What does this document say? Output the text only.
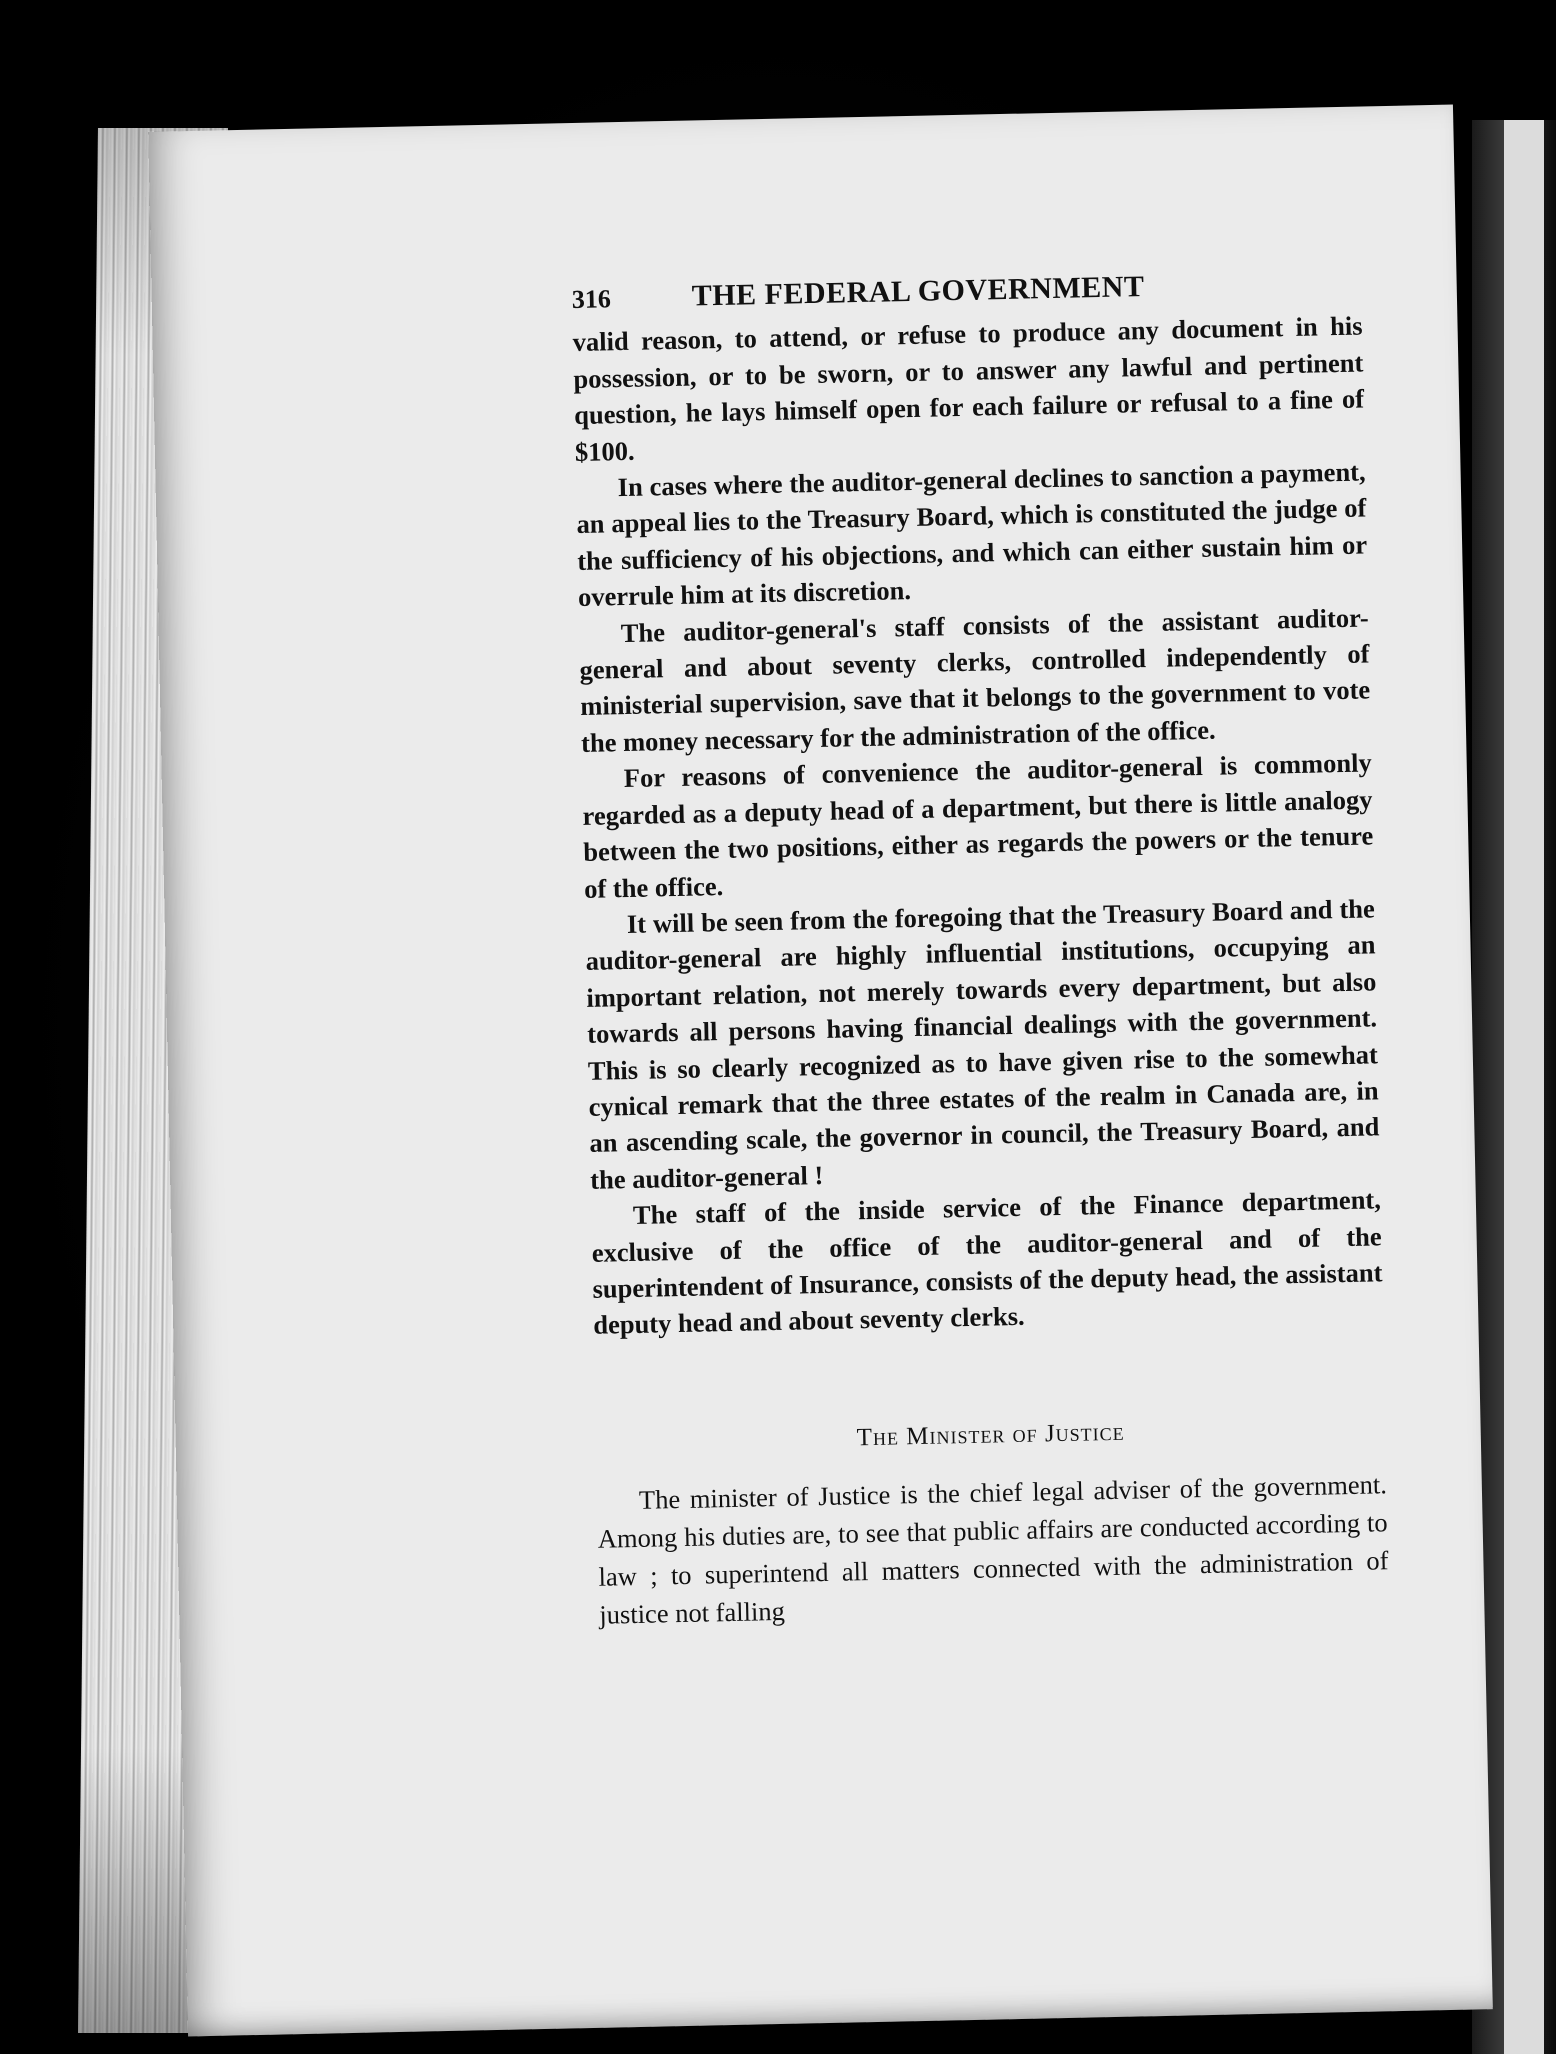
316	THE FEDERAL GOVERNMENT

valid reason, to attend, or refuse to produce any document in his possession, or to be sworn, or to answer any lawful and pertinent question, he lays himself open for each failure or refusal to a fine of $100.

In cases where the auditor-general declines to sanction a payment, an appeal lies to the Treasury Board, which is constituted the judge of the sufficiency of his objections, and which can either sustain him or overrule him at its discretion.

The auditor-general's staff consists of the assistant auditor-general and about seventy clerks, controlled independently of ministerial supervision, save that it belongs to the government to vote the money necessary for the administration of the office.

For reasons of convenience the auditor-general is commonly regarded as a deputy head of a department, but there is little analogy between the two positions, either as regards the powers or the tenure of the office.

It will be seen from the foregoing that the Treasury Board and the auditor-general are highly influential institutions, occupying an important relation, not merely towards every department, but also towards all persons having financial dealings with the government. This is so clearly recognized as to have given rise to the somewhat cynical remark that the three estates of the realm in Canada are, in an ascending scale, the governor in council, the Treasury Board, and the auditor-general !

The staff of the inside service of the Finance department, exclusive of the office of the auditor-general and of the superintendent of Insurance, consists of the deputy head, the assistant deputy head and about seventy clerks.

The Minister of Justice

The minister of Justice is the chief legal adviser of the government. Among his duties are, to see that public affairs are conducted according to law ; to superintend all matters connected with the administration of justice not falling
